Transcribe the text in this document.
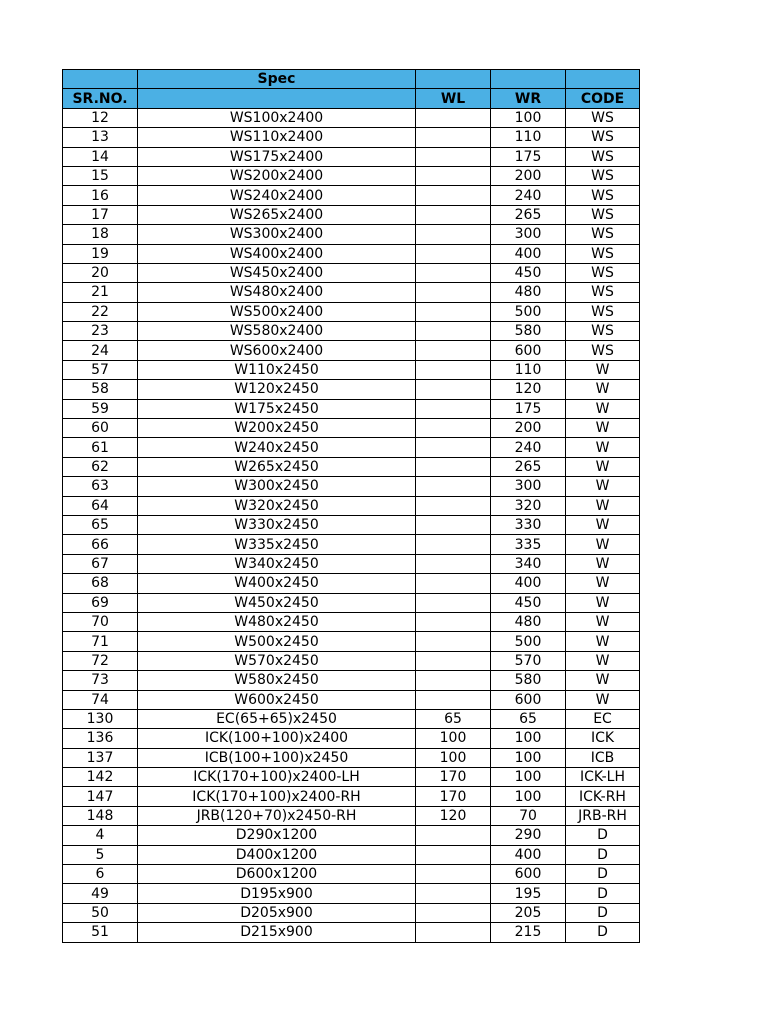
	Spec			
SR.NO.		WL	WR	CODE
12	WS100x2400		100	WS
13	WS110x2400		110	WS
14	WS175x2400		175	WS
15	WS200x2400		200	WS
16	WS240x2400		240	WS
17	WS265x2400		265	WS
18	WS300x2400		300	WS
19	WS400x2400		400	WS
20	WS450x2400		450	WS
21	WS480x2400		480	WS
22	WS500x2400		500	WS
23	WS580x2400		580	WS
24	WS600x2400		600	WS
57	W110x2450		110	W
58	W120x2450		120	W
59	W175x2450		175	W
60	W200x2450		200	W
61	W240x2450		240	W
62	W265x2450		265	W
63	W300x2450		300	W
64	W320x2450		320	W
65	W330x2450		330	W
66	W335x2450		335	W
67	W340x2450		340	W
68	W400x2450		400	W
69	W450x2450		450	W
70	W480x2450		480	W
71	W500x2450		500	W
72	W570x2450		570	W
73	W580x2450		580	W
74	W600x2450		600	W
130	EC(65+65)x2450	65	65	EC
136	ICK(100+100)x2400	100	100	ICK
137	ICB(100+100)x2450	100	100	ICB
142	ICK(170+100)x2400-LH	170	100	ICK-LH
147	ICK(170+100)x2400-RH	170	100	ICK-RH
148	JRB(120+70)x2450-RH	120	70	JRB-RH
4	D290x1200		290	D
5	D400x1200		400	D
6	D600x1200		600	D
49	D195x900		195	D
50	D205x900		205	D
51	D215x900		215	D
